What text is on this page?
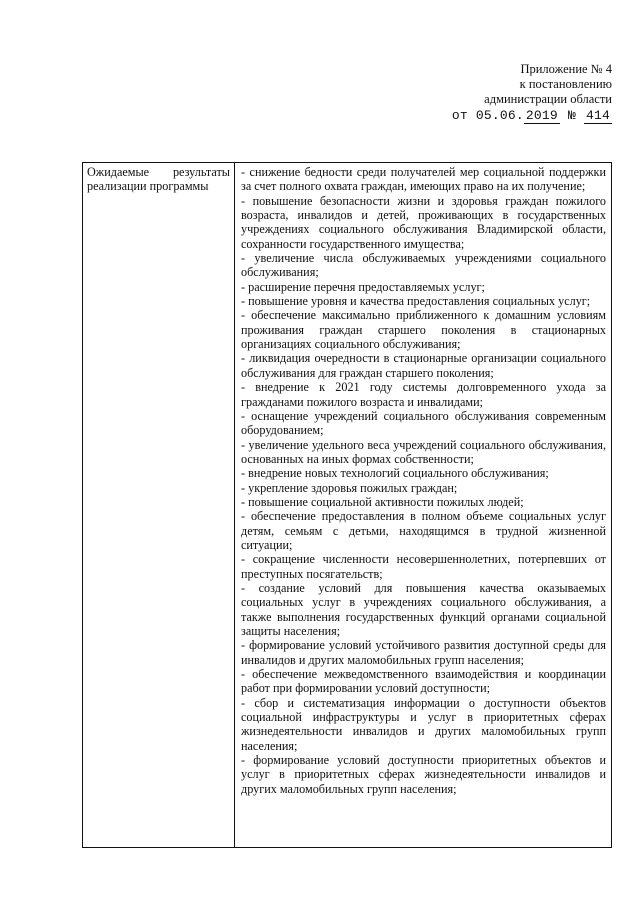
Приложение № 4
к постановлению
администрации области
от 05.06. 2019 № 414
Ожидаемые результаты
реализации программы

- снижение бедности среди получателей мер социальной поддержки за счет полного охвата граждан, имеющих право на их получение;

- повышение безопасности жизни и здоровья граждан пожилого возраста, инвалидов и детей, проживающих в государственных учреждениях социального обслуживания Владимирской области, сохранности государственного имущества;

- увеличение числа обслуживаемых учреждениями социального обслуживания;

- расширение перечня предоставляемых услуг;

- повышение уровня и качества предоставления социальных услуг;

- обеспечение максимально приближенного к домашним условиям проживания граждан старшего поколения в стационарных организациях социального обслуживания;

- ликвидация очередности в стационарные организации социального обслуживания для граждан старшего поколения;

- внедрение к 2021 году системы долговременного ухода за гражданами пожилого возраста и инвалидами;

- оснащение учреждений социального обслуживания современным оборудованием;

- увеличение удельного веса учреждений социального обслуживания, основанных на иных формах собственности;

- внедрение новых технологий социального обслуживания;

- укрепление здоровья пожилых граждан;

- повышение социальной активности пожилых людей;

- обеспечение предоставления в полном объеме социальных услуг детям, семьям с детьми, находящимся в трудной жизненной ситуации;

- сокращение численности несовершеннолетних, потерпевших от преступных посягательств;

- создание условий для повышения качества оказываемых социальных услуг в учреждениях социального обслуживания, а также выполнения государственных функций органами социальной защиты населения;

- формирование условий устойчивого развития доступной среды для инвалидов и других маломобильных групп населения;

- обеспечение межведомственного взаимодействия и координации работ при формировании условий доступности;

- сбор и систематизация информации о доступности объектов социальной инфраструктуры и услуг в приоритетных сферах жизнедеятельности инвалидов и других маломобильных групп населения;

- формирование условий доступности приоритетных объектов и услуг в приоритетных сферах жизнедеятельности инвалидов и других маломобильных групп населения;
